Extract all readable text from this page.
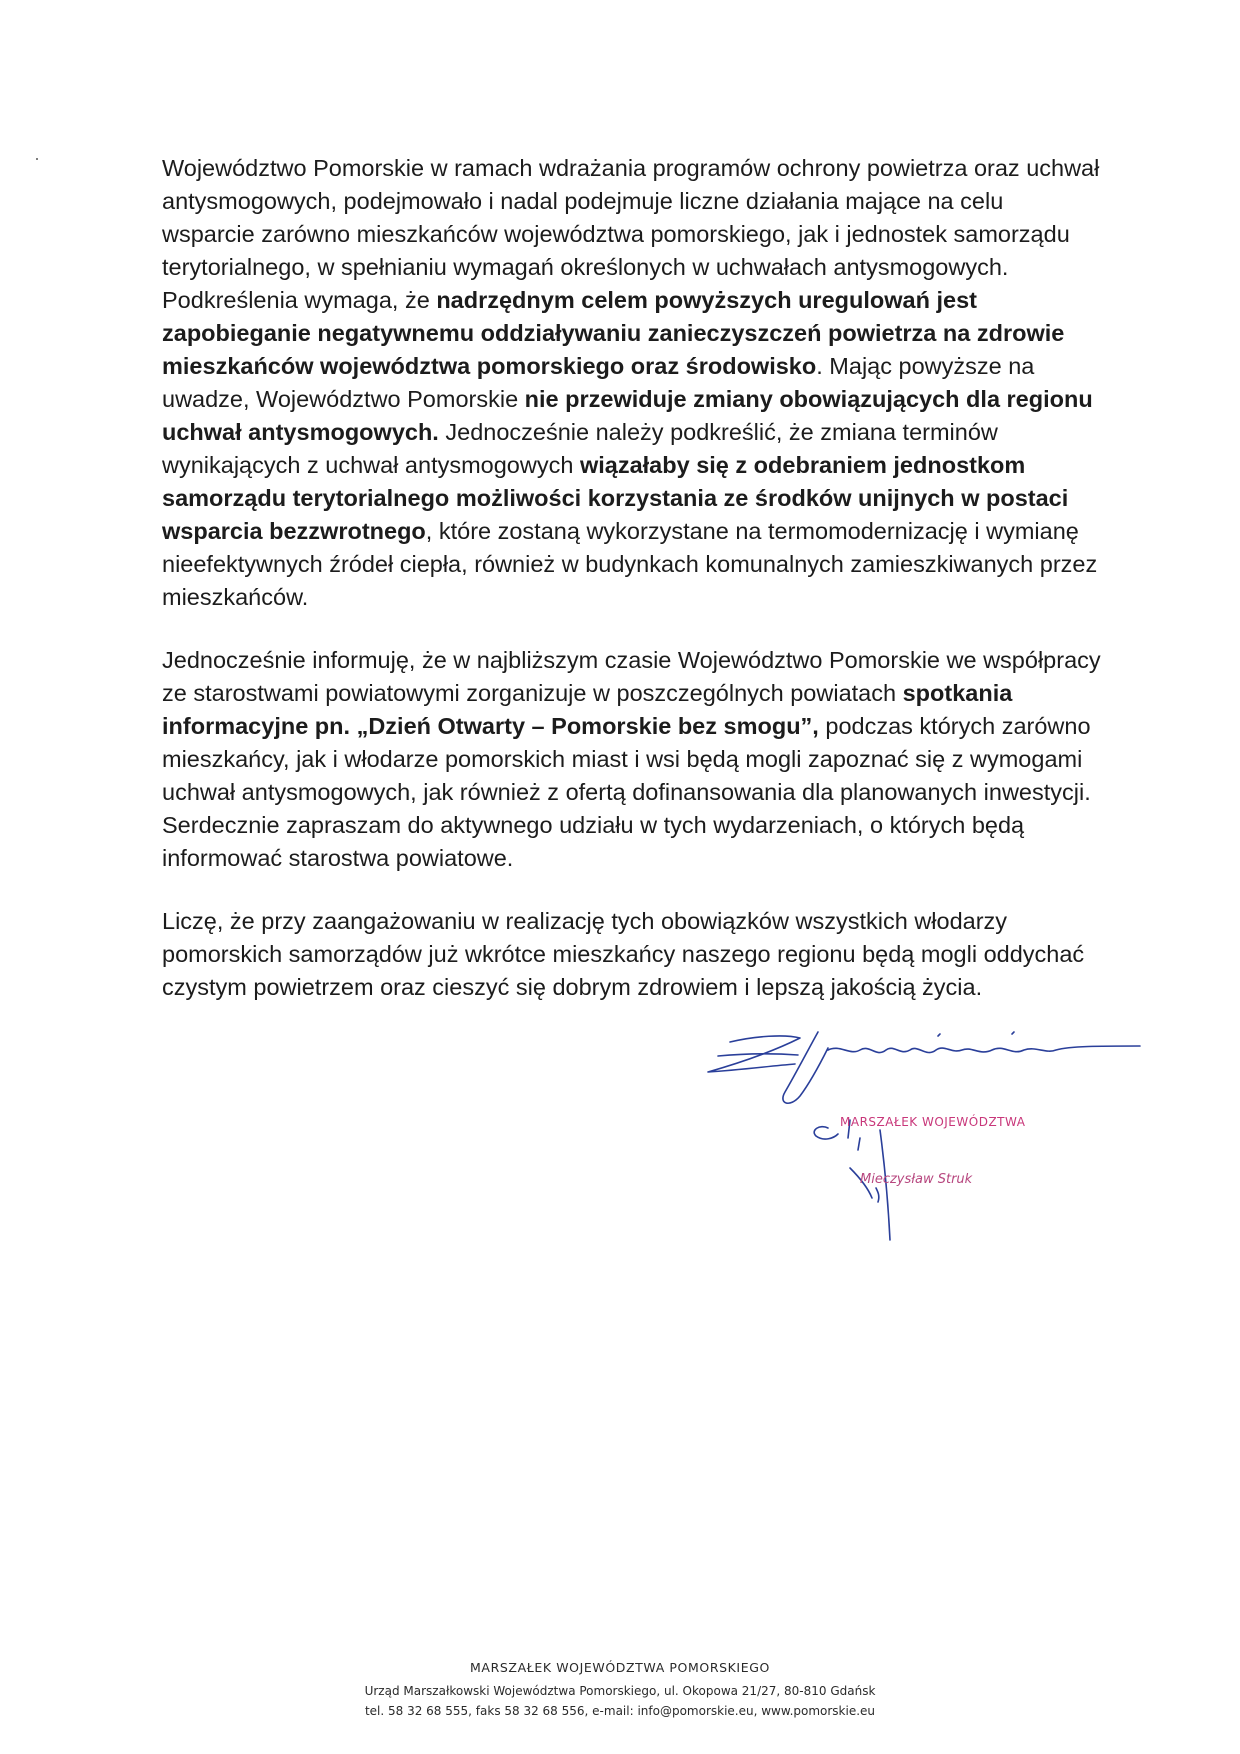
Województwo Pomorskie w ramach wdrażania programów ochrony powietrza oraz uchwał antysmogowych, podejmowało i nadal podejmuje liczne działania mające na celu wsparcie zarówno mieszkańców województwa pomorskiego, jak i jednostek samorządu terytorialnego, w spełnianiu wymagań określonych w uchwałach antysmogowych. Podkreślenia wymaga, że nadrzędnym celem powyższych uregulowań jest zapobieganie negatywnemu oddziaływaniu zanieczyszczeń powietrza na zdrowie mieszkańców województwa pomorskiego oraz środowisko. Mając powyższe na uwadze, Województwo Pomorskie nie przewiduje zmiany obowiązujących dla regionu uchwał antysmogowych. Jednocześnie należy podkreślić, że zmiana terminów wynikających z uchwał antysmogowych wiązałaby się z odebraniem jednostkom samorządu terytorialnego możliwości korzystania ze środków unijnych w postaci wsparcia bezzwrotnego, które zostaną wykorzystane na termomodernizację i wymianę nieefektywnych źródeł ciepła, również w budynkach komunalnych zamieszkiwanych przez mieszkańców.

Jednocześnie informuję, że w najbliższym czasie Województwo Pomorskie we współpracy ze starostwami powiatowymi zorganizuje w poszczególnych powiatach spotkania informacyjne pn. „Dzień Otwarty – Pomorskie bez smogu”, podczas których zarówno mieszkańcy, jak i włodarze pomorskich miast i wsi będą mogli zapoznać się z wymogami uchwał antysmogowych, jak również z ofertą dofinansowania dla planowanych inwestycji. Serdecznie zapraszam do aktywnego udziału w tych wydarzeniach, o których będą informować starostwa powiatowe.

Liczę, że przy zaangażowaniu w realizację tych obowiązków wszystkich włodarzy pomorskich samorządów już wkrótce mieszkańcy naszego regionu będą mogli oddychać czystym powietrzem oraz cieszyć się dobrym zdrowiem i lepszą jakością życia.

MARSZAŁEK WOJEWÓDZTWA
Mieczysław Struk
MARSZAŁEK WOJEWÓDZTWA POMORSKIEGO
Urząd Marszałkowski Województwa Pomorskiego, ul. Okopowa 21/27, 80-810 Gdańsk
tel. 58 32 68 555, faks 58 32 68 556, e-mail: info@pomorskie.eu, www.pomorskie.eu
